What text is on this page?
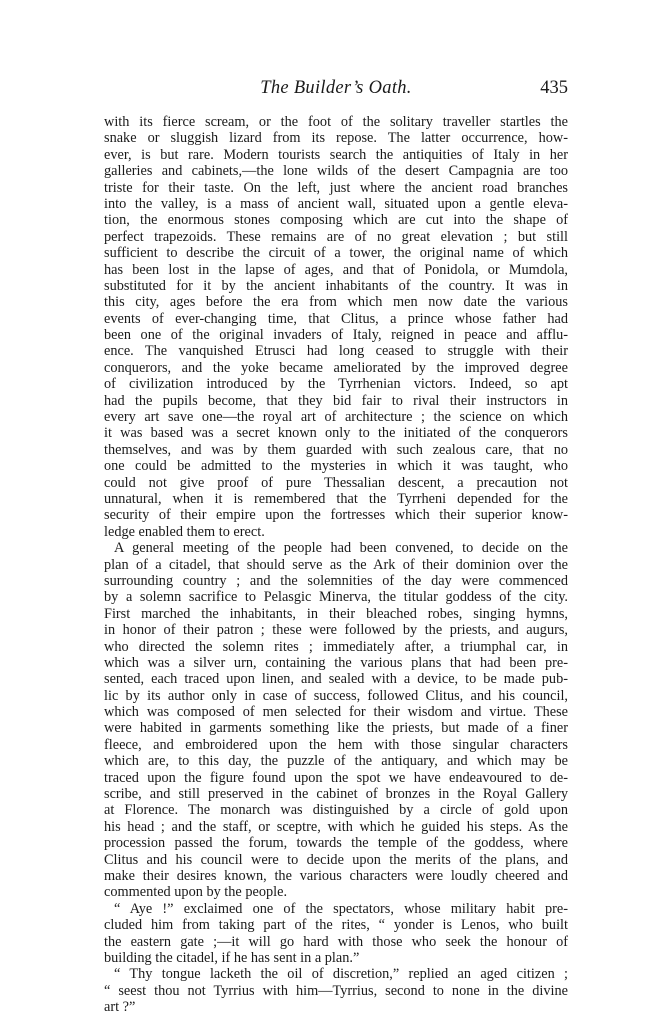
The Builder’s Oath.	435
with its fierce scream, or the foot of the solitary traveller startles the
snake or sluggish lizard from its repose. The latter occurrence, how-
ever, is but rare. Modern tourists search the antiquities of Italy in her
galleries and cabinets,—the lone wilds of the desert Campagnia are too
triste for their taste. On the left, just where the ancient road branches
into the valley, is a mass of ancient wall, situated upon a gentle eleva-
tion, the enormous stones composing which are cut into the shape of
perfect trapezoids. These remains are of no great elevation ; but still
sufficient to describe the circuit of a tower, the original name of which
has been lost in the lapse of ages, and that of Ponidola, or Mumdola,
substituted for it by the ancient inhabitants of the country. It was in
this city, ages before the era from which men now date the various
events of ever-changing time, that Clitus, a prince whose father had
been one of the original invaders of Italy, reigned in peace and afflu-
ence. The vanquished Etrusci had long ceased to struggle with their
conquerors, and the yoke became ameliorated by the improved degree
of civilization introduced by the Tyrrhenian victors. Indeed, so apt
had the pupils become, that they bid fair to rival their instructors in
every art save one—the royal art of architecture ; the science on which
it was based was a secret known only to the initiated of the conquerors
themselves, and was by them guarded with such zealous care, that no
one could be admitted to the mysteries in which it was taught, who
could not give proof of pure Thessalian descent, a precaution not
unnatural, when it is remembered that the Tyrrheni depended for the
security of their empire upon the fortresses which their superior know-
ledge enabled them to erect.
A general meeting of the people had been convened, to decide on the
plan of a citadel, that should serve as the Ark of their dominion over the
surrounding country ; and the solemnities of the day were commenced
by a solemn sacrifice to Pelasgic Minerva, the titular goddess of the city.
First marched the inhabitants, in their bleached robes, singing hymns,
in honor of their patron ; these were followed by the priests, and augurs,
who directed the solemn rites ; immediately after, a triumphal car, in
which was a silver urn, containing the various plans that had been pre-
sented, each traced upon linen, and sealed with a device, to be made pub-
lic by its author only in case of success, followed Clitus, and his council,
which was composed of men selected for their wisdom and virtue. These
were habited in garments something like the priests, but made of a finer
fleece, and embroidered upon the hem with those singular characters
which are, to this day, the puzzle of the antiquary, and which may be
traced upon the figure found upon the spot we have endeavoured to de-
scribe, and still preserved in the cabinet of bronzes in the Royal Gallery
at Florence. The monarch was distinguished by a circle of gold upon
his head ; and the staff, or sceptre, with which he guided his steps. As the
procession passed the forum, towards the temple of the goddess, where
Clitus and his council were to decide upon the merits of the plans, and
make their desires known, the various characters were loudly cheered and
commented upon by the people.
“ Aye !” exclaimed one of the spectators, whose military habit pre-
cluded him from taking part of the rites, “ yonder is Lenos, who built
the eastern gate ;—it will go hard with those who seek the honour of
building the citadel, if he has sent in a plan.”
“ Thy tongue lacketh the oil of discretion,” replied an aged citizen ;
“ seest thou not Tyrrius with him—Tyrrius, second to none in the divine
art ?”
